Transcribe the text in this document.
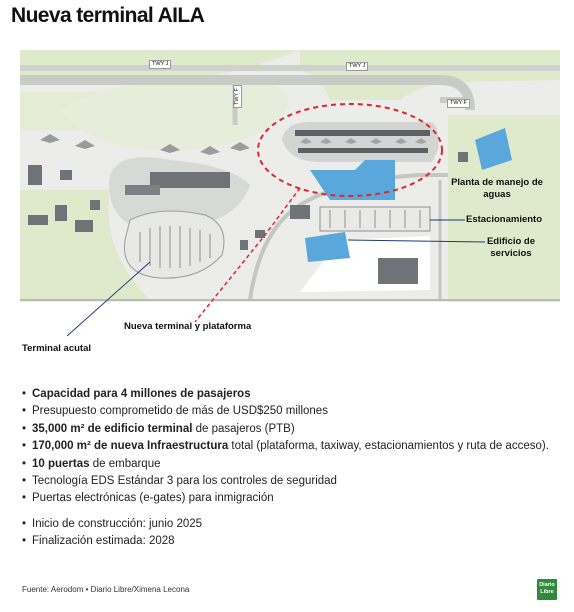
Nueva terminal AILA
TWY J	TWY J
TWY F
TWY F
Planta de manejo de aguas
Estacionamiento
Edificio de servicios
Nueva terminal y plataforma
Terminal acutal
• Capacidad para 4 millones de pasajeros
• Presupuesto comprometido de más de USD$250 millones
• 35,000 m² de edificio terminal de pasajeros (PTB)
• 170,000 m² de nueva Infraestructura total (plataforma, taxiway, estacionamientos y ruta de acceso).
• 10 puertas de embarque
• Tecnología EDS Estándar 3 para los controles de seguridad
• Puertas electrónicas (e-gates) para inmigración
• Inicio de construcción: junio 2025
• Finalización estimada: 2028
Fuente: Aerodom • Diario Libre/Ximena Lecona	Diario Libre
